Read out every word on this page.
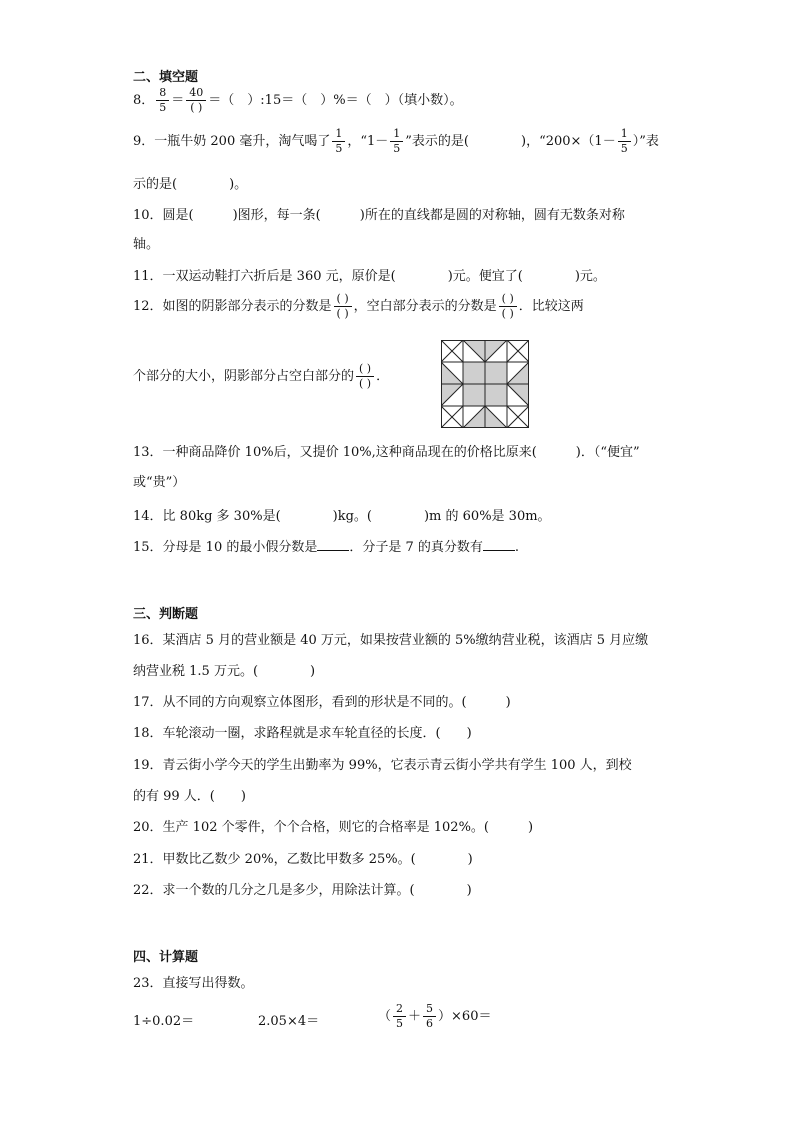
二、填空题
8． $\frac{8}{5} = \frac{40}{( )}$ ＝（　）:15＝（　）%＝（　）（填小数）。
9．一瓶牛奶 200 毫升，淘气喝了 $\frac{1}{5}$ ，“$1- \frac{1}{5}$ ”表示的是(　　　　)，“$200\times(1- \frac{1}{5}$ ）”表
示的是(　　　　)。
10．圆是(　　　)图形，每一条(　　　)所在的直线都是圆的对称轴，圆有无数条对称
轴。
11．一双运动鞋打六折后是 360 元，原价是(　　　　)元。便宜了(　　　　)元。
12．如图的阴影部分表示的分数是 $\frac{( )}{( )}$ ，空白部分表示的分数是 $\frac{( )}{( )}$ ．比较这两
个部分的大小，阴影部分占空白部分的 $\frac{( )}{( )}$ ．
13．一种商品降价 10%后，又提价 10%,这种商品现在的价格比原来(　　　)．（“便宜”
或“贵”）
14．比 80kg 多 30%是(　　　　)kg。(　　　　)m 的 60%是 30m。
15．分母是 10 的最小假分数是 ．分子是 7 的真分数有 .
三、判断题
16．某酒店 5 月的营业额是 40 万元，如果按营业额的 5%缴纳营业税，该酒店 5 月应缴
纳营业税 1.5 万元。(　　　　)
17．从不同的方向观察立体图形，看到的形状是不同的。(　　　)
18．车轮滚动一圈，求路程就是求车轮直径的长度．(　　)
19．青云街小学今天的学生出勤率为 99%，它表示青云街小学共有学生 100 人，到校
的有 99 人．(　　)
20．生产 102 个零件，个个合格，则它的合格率是 102%。(　　　)
21．甲数比乙数少 20%，乙数比甲数多 25%。(　　　　)
22．求一个数的几分之几是多少，用除法计算。(　　　　)
四、计算题
23．直接写出得数。
1÷0.02＝	2.05×4＝	（ $\frac{2}{5} + \frac{5}{6} )\times 60=$
